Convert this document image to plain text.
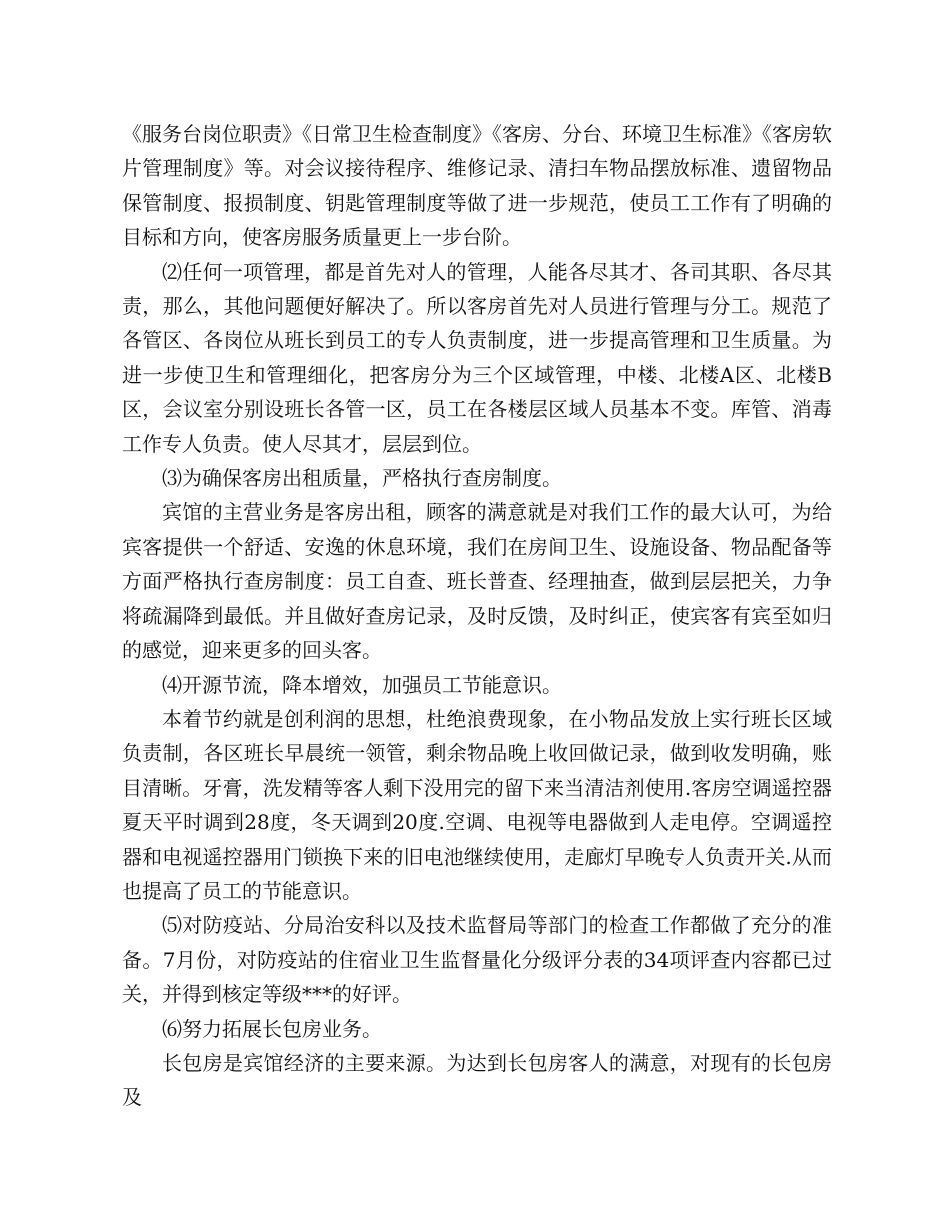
《服务台岗位职责》《日常卫生检查制度》《客房、分台、环境卫生标准》《客房软片管理制度》等。对会议接待程序、维修记录、清扫车物品摆放标准、遗留物品保管制度、报损制度、钥匙管理制度等做了进一步规范，使员工工作有了明确的目标和方向，使客房服务质量更上一步台阶。

⑵任何一项管理，都是首先对人的管理，人能各尽其才、各司其职、各尽其责，那么，其他问题便好解决了。所以客房首先对人员进行管理与分工。规范了各管区、各岗位从班长到员工的专人负责制度，进一步提高管理和卫生质量。为进一步使卫生和管理细化，把客房分为三个区域管理，中楼、北楼A区、北楼B区，会议室分别设班长各管一区，员工在各楼层区域人员基本不变。库管、消毒工作专人负责。使人尽其才，层层到位。

⑶为确保客房出租质量，严格执行查房制度。

宾馆的主营业务是客房出租，顾客的满意就是对我们工作的最大认可，为给宾客提供一个舒适、安逸的休息环境，我们在房间卫生、设施设备、物品配备等方面严格执行查房制度：员工自查、班长普查、经理抽查，做到层层把关，力争将疏漏降到最低。并且做好查房记录，及时反馈，及时纠正，使宾客有宾至如归的感觉，迎来更多的回头客。

⑷开源节流，降本增效，加强员工节能意识。

本着节约就是创利润的思想，杜绝浪费现象，在小物品发放上实行班长区域负责制，各区班长早晨统一领管，剩余物品晚上收回做记录，做到收发明确，账目清晰。牙膏，洗发精等客人剩下没用完的留下来当清洁剂使用.客房空调遥控器夏天平时调到28度，冬天调到20度.空调、电视等电器做到人走电停。空调遥控器和电视遥控器用门锁换下来的旧电池继续使用，走廊灯早晚专人负责开关.从而也提高了员工的节能意识。

⑸对防疫站、分局治安科以及技术监督局等部门的检查工作都做了充分的准备。7月份，对防疫站的住宿业卫生监督量化分级评分表的34项评查内容都已过关，并得到核定等级***的好评。

⑹努力拓展长包房业务。

长包房是宾馆经济的主要来源。为达到长包房客人的满意，对现有的长包房及
